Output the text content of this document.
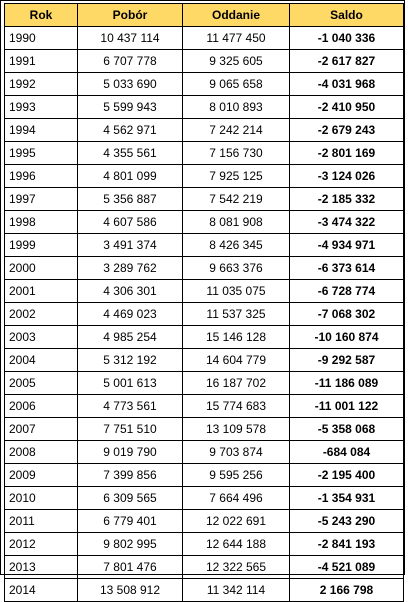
Rok	Pobór	Oddanie	Saldo
1990	10 437 114	11 477 450	-1 040 336
1991	6 707 778	9 325 605	-2 617 827
1992	5 033 690	9 065 658	-4 031 968
1993	5 599 943	8 010 893	-2 410 950
1994	4 562 971	7 242 214	-2 679 243
1995	4 355 561	7 156 730	-2 801 169
1996	4 801 099	7 925 125	-3 124 026
1997	5 356 887	7 542 219	-2 185 332
1998	4 607 586	8 081 908	-3 474 322
1999	3 491 374	8 426 345	-4 934 971
2000	3 289 762	9 663 376	-6 373 614
2001	4 306 301	11 035 075	-6 728 774
2002	4 469 023	11 537 325	-7 068 302
2003	4 985 254	15 146 128	-10 160 874
2004	5 312 192	14 604 779	-9 292 587
2005	5 001 613	16 187 702	-11 186 089
2006	4 773 561	15 774 683	-11 001 122
2007	7 751 510	13 109 578	-5 358 068
2008	9 019 790	9 703 874	-684 084
2009	7 399 856	9 595 256	-2 195 400
2010	6 309 565	7 664 496	-1 354 931
2011	6 779 401	12 022 691	-5 243 290
2012	9 802 995	12 644 188	-2 841 193
2013	7 801 476	12 322 565	-4 521 089
2014	13 508 912	11 342 114	2 166 798
